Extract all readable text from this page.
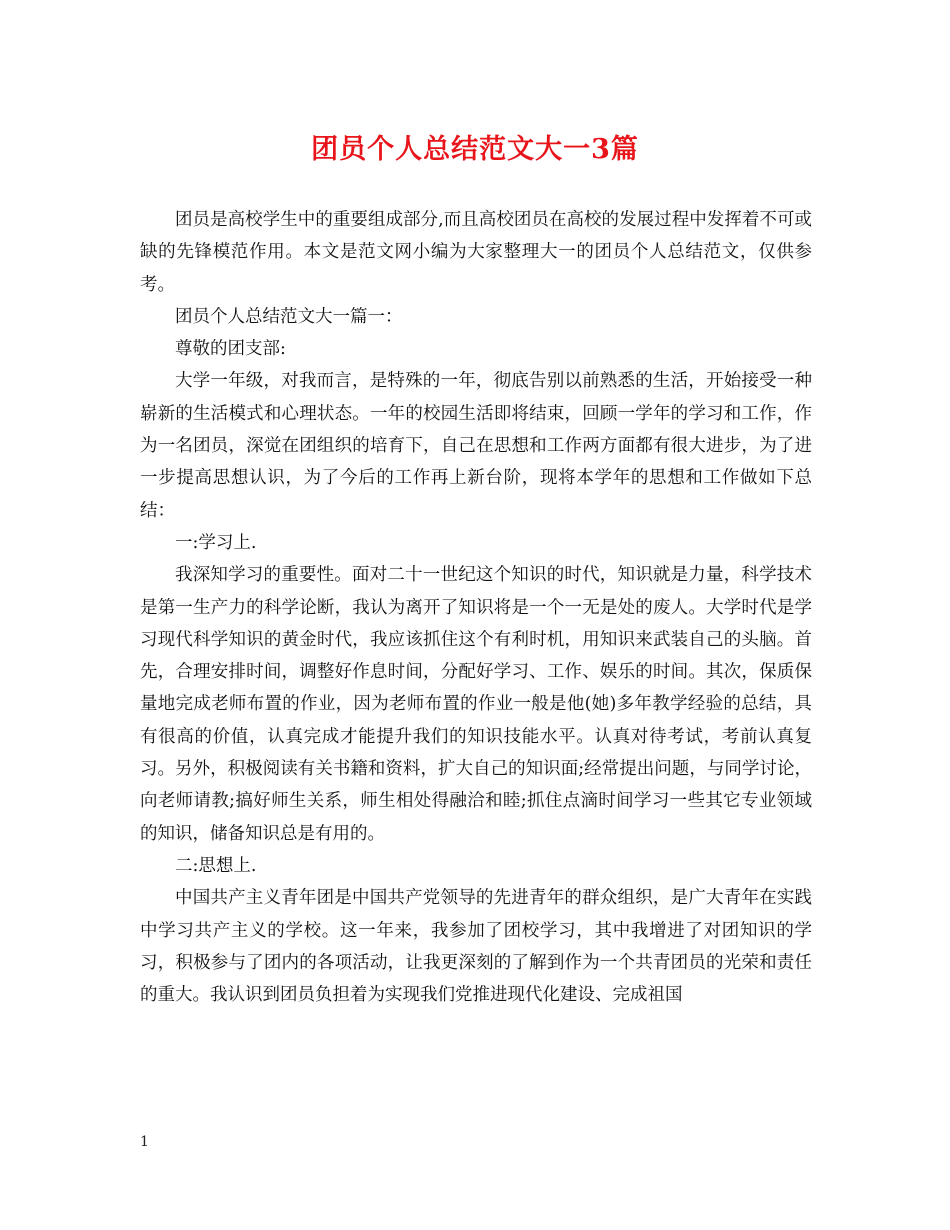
团员个人总结范文大一3篇

团员是高校学生中的重要组成部分,而且高校团员在高校的发展过程中发挥着不可或缺的先锋模范作用。本文是范文网小编为大家整理大一的团员个人总结范文，仅供参考。

团员个人总结范文大一篇一：

尊敬的团支部:

大学一年级，对我而言，是特殊的一年，彻底告别以前熟悉的生活，开始接受一种崭新的生活模式和心理状态。一年的校园生活即将结束，回顾一学年的学习和工作，作为一名团员，深觉在团组织的培育下，自己在思想和工作两方面都有很大进步，为了进一步提高思想认识，为了今后的工作再上新台阶，现将本学年的思想和工作做如下总结：

一:学习上.

我深知学习的重要性。面对二十一世纪这个知识的时代，知识就是力量，科学技术是第一生产力的科学论断，我认为离开了知识将是一个一无是处的废人。大学时代是学习现代科学知识的黄金时代，我应该抓住这个有利时机，用知识来武装自己的头脑。首先，合理安排时间，调整好作息时间，分配好学习、工作、娱乐的时间。其次，保质保量地完成老师布置的作业，因为老师布置的作业一般是他(她)多年教学经验的总结，具有很高的价值，认真完成才能提升我们的知识技能水平。认真对待考试，考前认真复习。另外，积极阅读有关书籍和资料，扩大自己的知识面;经常提出问题，与同学讨论，向老师请教;搞好师生关系，师生相处得融洽和睦;抓住点滴时间学习一些其它专业领域的知识，储备知识总是有用的。

二:思想上.

中国共产主义青年团是中国共产党领导的先进青年的群众组织，是广大青年在实践中学习共产主义的学校。这一年来，我参加了团校学习，其中我增进了对团知识的学习，积极参与了团内的各项活动，让我更深刻的了解到作为一个共青团员的光荣和责任的重大。我认识到团员负担着为实现我们党推进现代化建设、完成祖国

1
